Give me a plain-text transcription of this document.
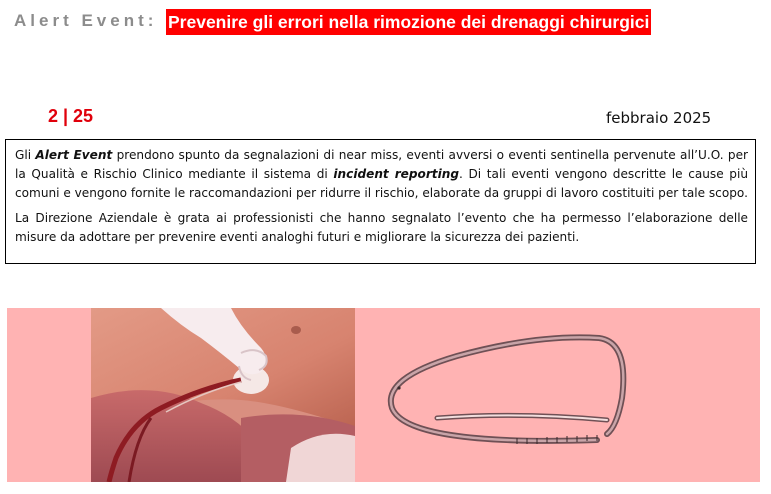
Alert Event: Prevenire gli errori nella rimozione dei drenaggi chirurgici
2 | 25	febbraio 2025

Gli Alert Event prendono spunto da segnalazioni di near miss, eventi avversi o eventi sentinella pervenute all’U.O. per la Qualità e Rischio Clinico mediante il sistema di incident reporting. Di tali eventi vengono descritte le cause più comuni e vengono fornite le raccomandazioni per ridurre il rischio, elaborate da gruppi di lavoro costituiti per tale scopo.

La Direzione Aziendale è grata ai professionisti che hanno segnalato l’evento che ha permesso l’elaborazione delle misure da adottare per prevenire eventi analoghi futuri e migliorare la sicurezza dei pazienti.
